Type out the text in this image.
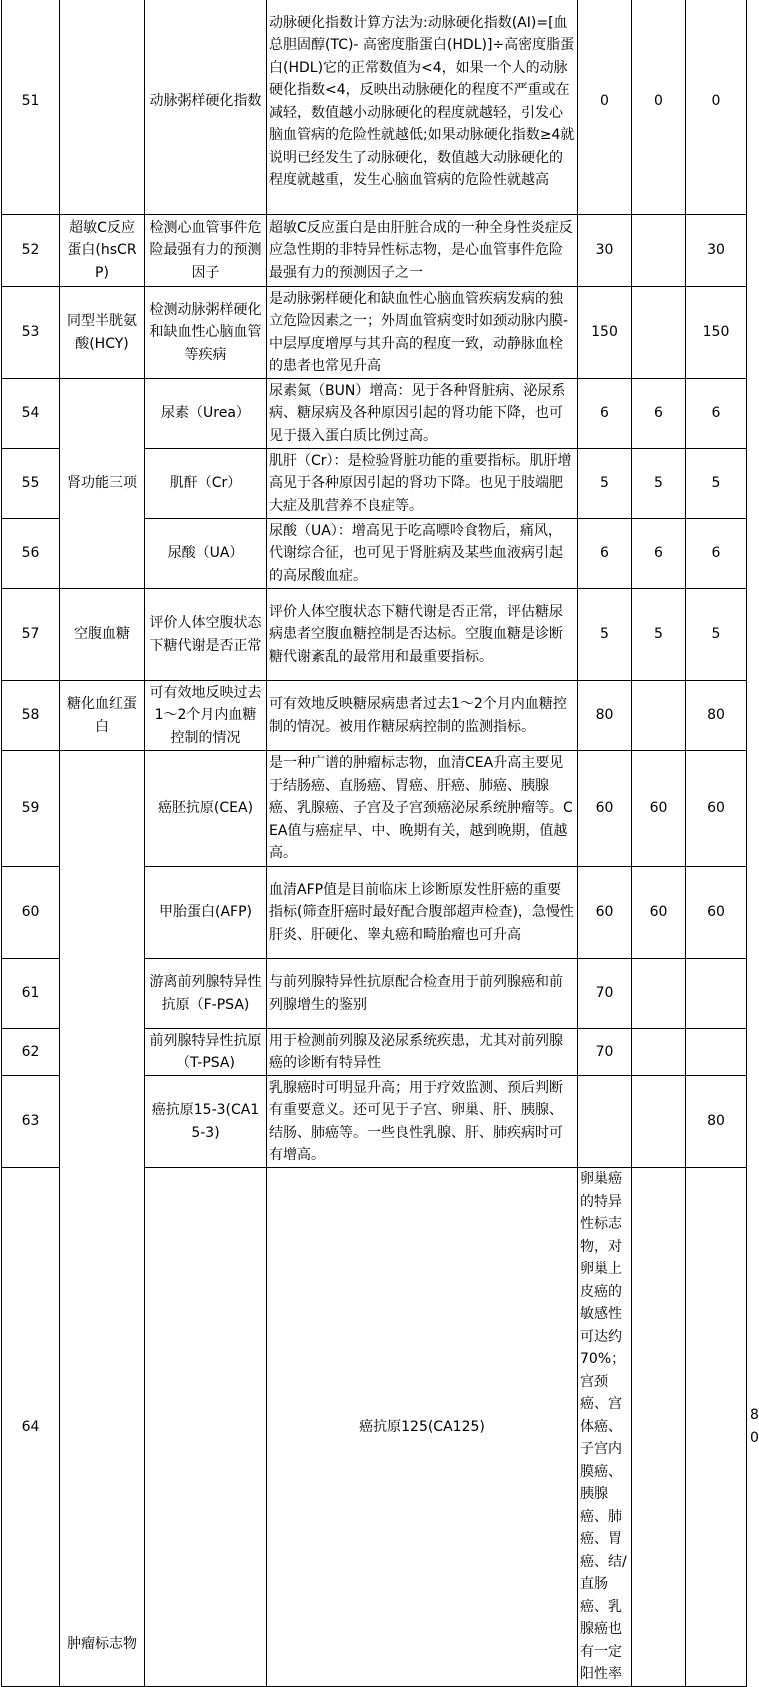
51		动脉粥样硬化指数	动脉硬化指数计算方法为:动脉硬化指数(AI)=[血总胆固醇(TC)- 高密度脂蛋白(HDL)]÷高密度脂蛋白(HDL)它的正常数值为<4，如果一个人的动脉硬化指数<4，反映出动脉硬化的程度不严重或在减轻，数值越小动脉硬化的程度就越轻，引发心脑血管病的危险性就越低;如果动脉硬化指数≥4就说明已经发生了动脉硬化，数值越大动脉硬化的程度就越重，发生心脑血管病的危险性就越高	0	0	0	
52	超敏C反应蛋白(hsCRP)	检测心血管事件危险最强有力的预测因子	超敏C反应蛋白是由肝脏合成的一种全身性炎症反应急性期的非特异性标志物，是心血管事件危险最强有力的预测因子之一	30		30	
53	同型半胱氨酸(HCY)	检测动脉粥样硬化和缺血性心脑血管等疾病	是动脉粥样硬化和缺血性心脑血管疾病发病的独立危险因素之一；外周血管病变时如颈动脉内膜-中层厚度增厚与其升高的程度一致，动静脉血栓的患者也常见升高	150		150	
54	肾功能三项	尿素（Urea）	尿素氮（BUN）增高：见于各种肾脏病、泌尿系病、糖尿病及各种原因引起的肾功能下降，也可见于摄入蛋白质比例过高。	6	6	6	
55		肌酐（Cr）	肌肝（Cr）：是检验肾脏功能的重要指标。肌肝增高见于各种原因引起的肾功下降。也见于肢端肥大症及肌营养不良症等。	5	5	5	
56		尿酸（UA）	尿酸（UA）：增高见于吃高嘌呤食物后，痛风，代谢综合征，也可见于肾脏病及某些血液病引起的高尿酸血症。	6	6	6	
57	空腹血糖	评价人体空腹状态下糖代谢是否正常	评价人体空腹状态下糖代谢是否正常，评估糖尿病患者空腹血糖控制是否达标。空腹血糖是诊断糖代谢紊乱的最常用和最重要指标。	5	5	5	
58	糖化血红蛋白	可有效地反映过去1～2个月内血糖控制的情况	可有效地反映糖尿病患者过去1～2个月内血糖控制的情况。被用作糖尿病控制的监测指标。	80		80	
59	肿瘤标志物	癌胚抗原(CEA)	是一种广谱的肿瘤标志物，血清CEA升高主要见于结肠癌、直肠癌、胃癌、肝癌、肺癌、胰腺癌、乳腺癌、子宫及子宫颈癌泌尿系统肿瘤等。CEA值与癌症早、中、晚期有关，越到晚期，值越高。	60	60	60	
60		甲胎蛋白(AFP)	血清AFP值是目前临床上诊断原发性肝癌的重要指标(筛查肝癌时最好配合腹部超声检查)，急慢性肝炎、肝硬化、睾丸癌和畸胎瘤也可升高	60	60	60	
61		游离前列腺特异性抗原（F-PSA)	与前列腺特异性抗原配合检查用于前列腺癌和前列腺增生的鉴别	70			
62		前列腺特异性抗原（T-PSA)	用于检测前列腺及泌尿系统疾患，尤其对前列腺癌的诊断有特异性	70			
63		癌抗原15-3(CA15-3)	乳腺癌时可明显升高；用于疗效监测、预后判断有重要意义。还可见于子宫、卵巢、肝、胰腺、结肠、肺癌等。一些良性乳腺、肝、肺疾病时可有增高。			80	
64			癌抗原125(CA125)	卵巢癌的特异性标志物，对卵巢上皮癌的敏感性可达约70%；宫颈癌、宫体癌、子宫内膜癌、胰腺癌、肺癌、胃癌、结/直肠癌、乳腺癌也有一定阳性率			80
